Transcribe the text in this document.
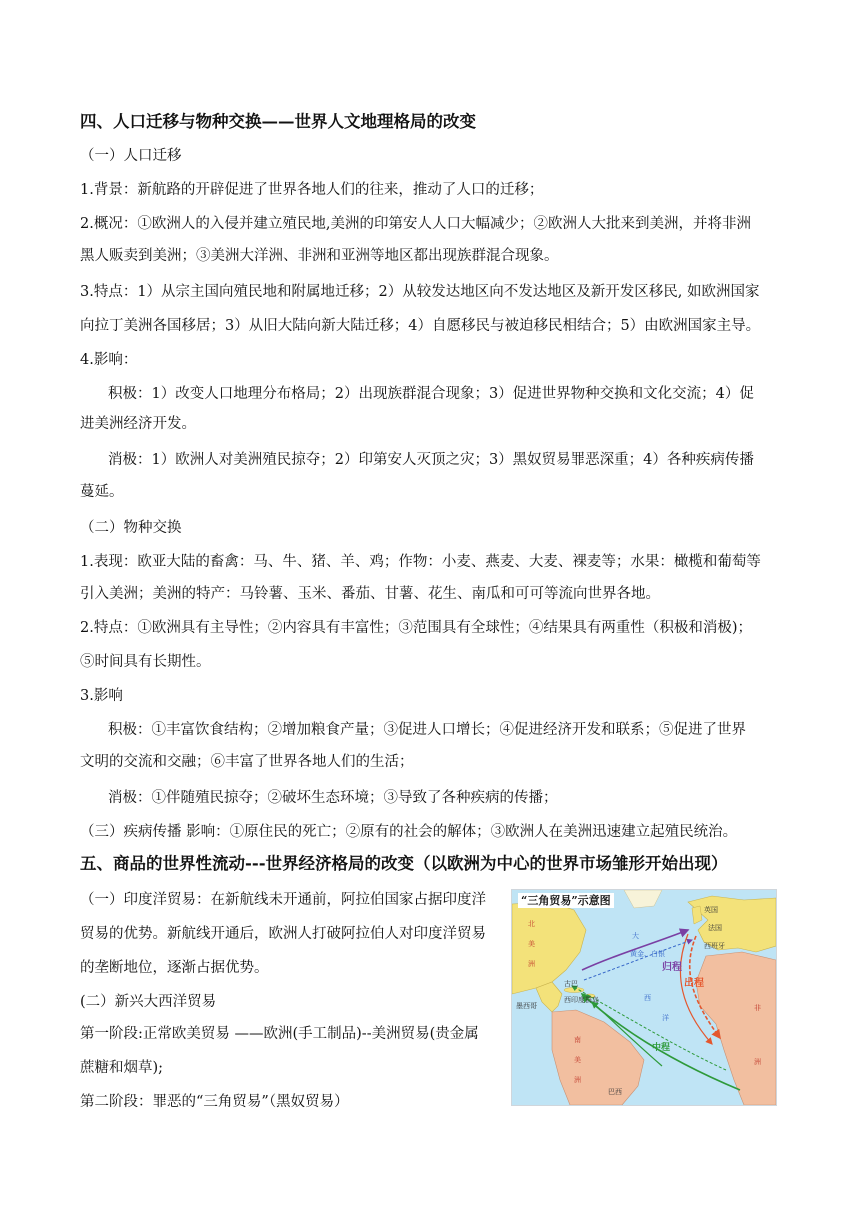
四、人口迁移与物种交换——世界人文地理格局的改变
（一）人口迁移
1.背景：新航路的开辟促进了世界各地人们的往来，推动了人口的迁移；
2.概况：①欧洲人的入侵并建立殖民地,美洲的印第安人人口大幅减少；②欧洲人大批来到美洲，并将非洲
黑人贩卖到美洲；③美洲大洋洲、非洲和亚洲等地区都出现族群混合现象。
3.特点：1）从宗主国向殖民地和附属地迁移；2）从较发达地区向不发达地区及新开发区移民, 如欧洲国家
向拉丁美洲各国移居；3）从旧大陆向新大陆迁移；4）自愿移民与被迫移民相结合；5）由欧洲国家主导。
4.影响：
积极：1）改变人口地理分布格局；2）出现族群混合现象；3）促进世界物种交换和文化交流；4）促
进美洲经济开发。
消极：1）欧洲人对美洲殖民掠夺；2）印第安人灭顶之灾；3）黑奴贸易罪恶深重；4）各种疾病传播
蔓延。
（二）物种交换
1.表现：欧亚大陆的畜禽：马、牛、猪、羊、鸡；作物：小麦、燕麦、大麦、裸麦等；水果：橄榄和葡萄等
引入美洲；美洲的特产：马铃薯、玉米、番茄、甘薯、花生、南瓜和可可等流向世界各地。
2.特点：①欧洲具有主导性；②内容具有丰富性；③范围具有全球性；④结果具有两重性（积极和消极)；
⑤时间具有长期性。
3.影响
积极：①丰富饮食结构；②增加粮食产量；③促进人口增长；④促进经济开发和联系；⑤促进了世界
文明的交流和交融；⑥丰富了世界各地人们的生活；
消极：①伴随殖民掠夺；②破坏生态环境；③导致了各种疾病的传播；
（三）疾病传播 影响：①原住民的死亡；②原有的社会的解体；③欧洲人在美洲迅速建立起殖民统治。
五、商品的世界性流动---世界经济格局的改变（以欧洲为中心的世界市场雏形开始出现）
（一）印度洋贸易：在新航线未开通前，阿拉伯国家占据印度洋
贸易的优势。新航线开通后，欧洲人打破阿拉伯人对印度洋贸易
的垄断地位，逐渐占据优势。
(二）新兴大西洋贸易
第一阶段:正常欧美贸易 ——欧洲(手工制品)--美洲贸易(贵金属
蔗糖和烟草);
第二阶段：罪恶的“三角贸易”（黑奴贸易）
北
美
洲
墨西哥
古巴
西印度群岛
南
美
洲
巴西
英国
法国
西班牙
非
洲
归程
出程
中程
黄金、白银
大
西
洋
“三角贸易”示意图
